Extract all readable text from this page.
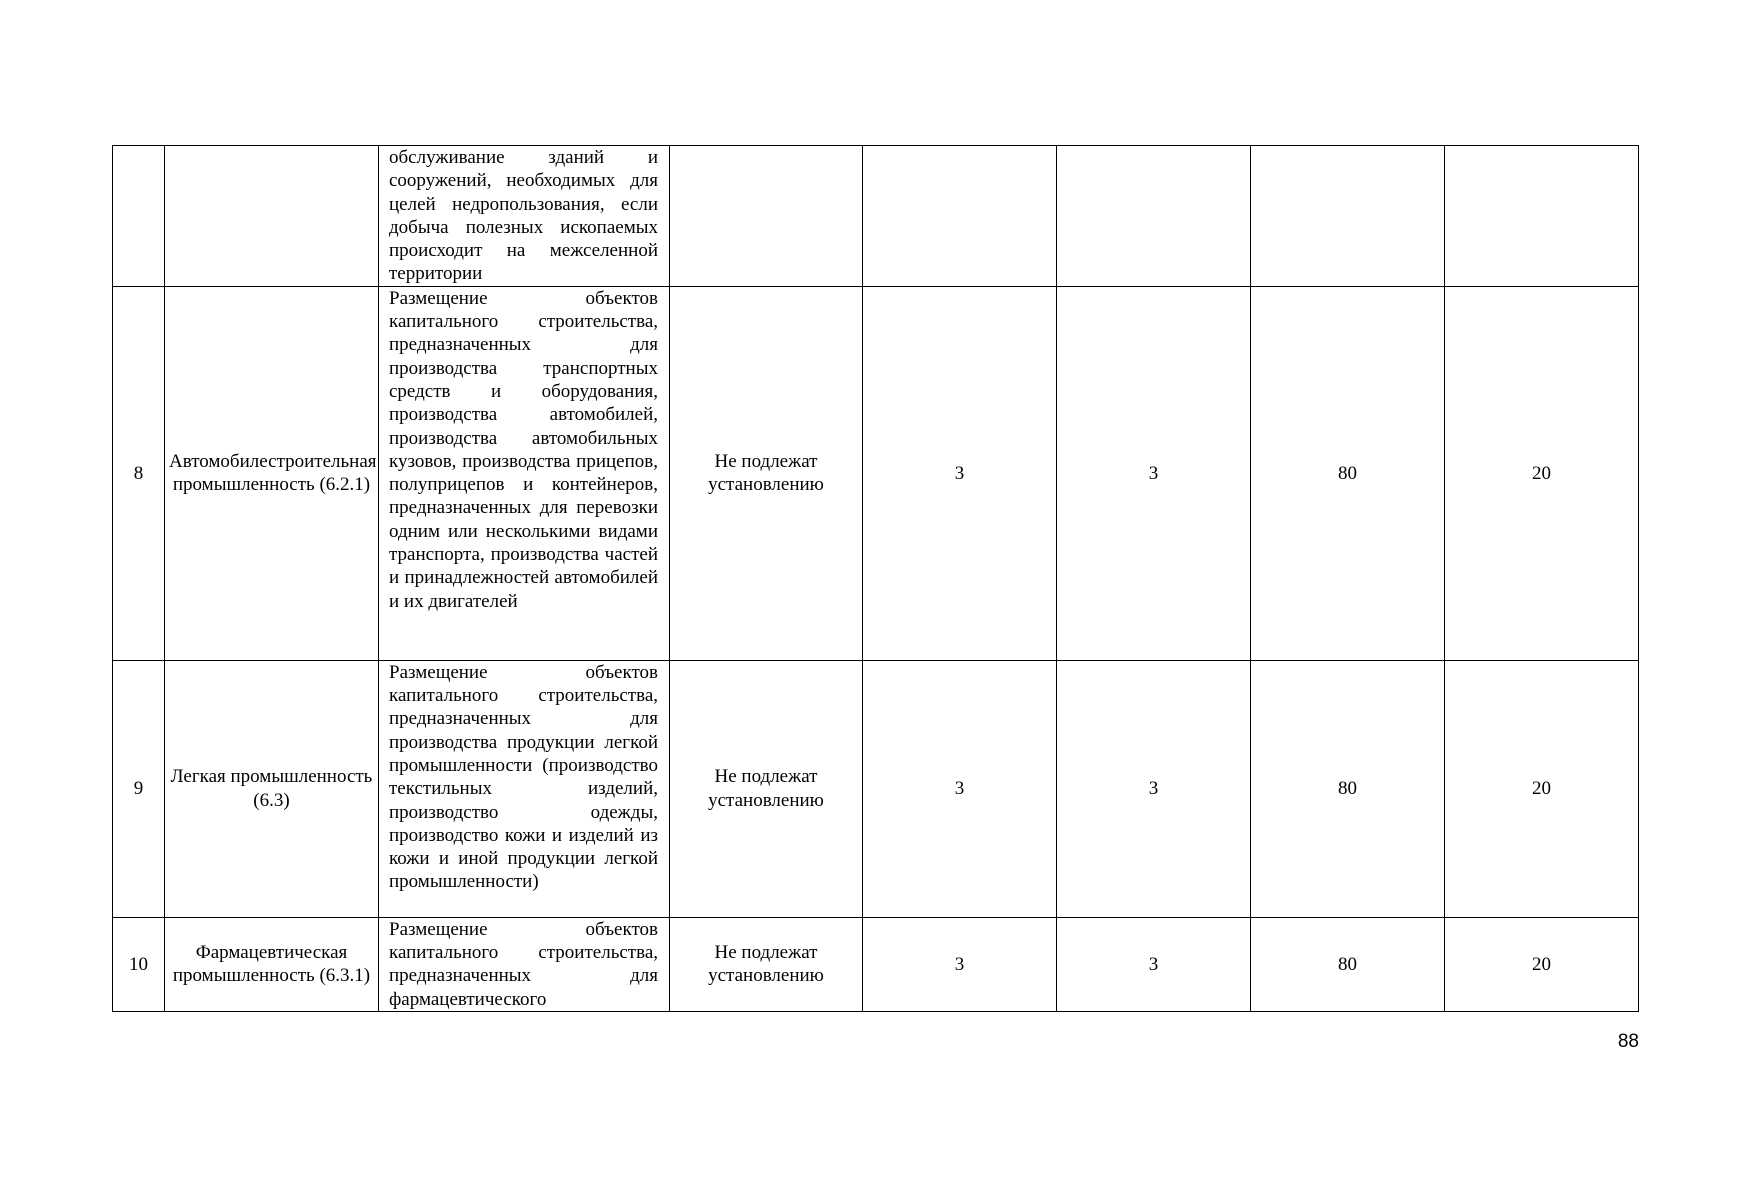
		обслуживание зданий и сооружений, необходимых для целей недропользования, если добыча полезных ископаемых происходит на межселенной территории					
8	Автомобилестроительная промышленность (6.2.1)	Размещение объектов капитального строительства, предназначенных для производства транспортных средств и оборудования, производства автомобилей, производства автомобильных кузовов, производства прицепов, полуприцепов и контейнеров, предназначенных для перевозки одним или несколькими видами транспорта, производства частей и принадлежностей автомобилей и их двигателей	Не подлежат установлению	3	3	80	20
9	Легкая промышленность (6.3)	Размещение объектов капитального строительства, предназначенных для производства продукции легкой промышленности (производство текстильных изделий, производство одежды, производство кожи и изделий из кожи и иной продукции легкой промышленности)	Не подлежат установлению	3	3	80	20
10	Фармацевтическая промышленность (6.3.1)	Размещение объектов капитального строительства, предназначенных для фармацевтического	Не подлежат установлению	3	3	80	20
88
